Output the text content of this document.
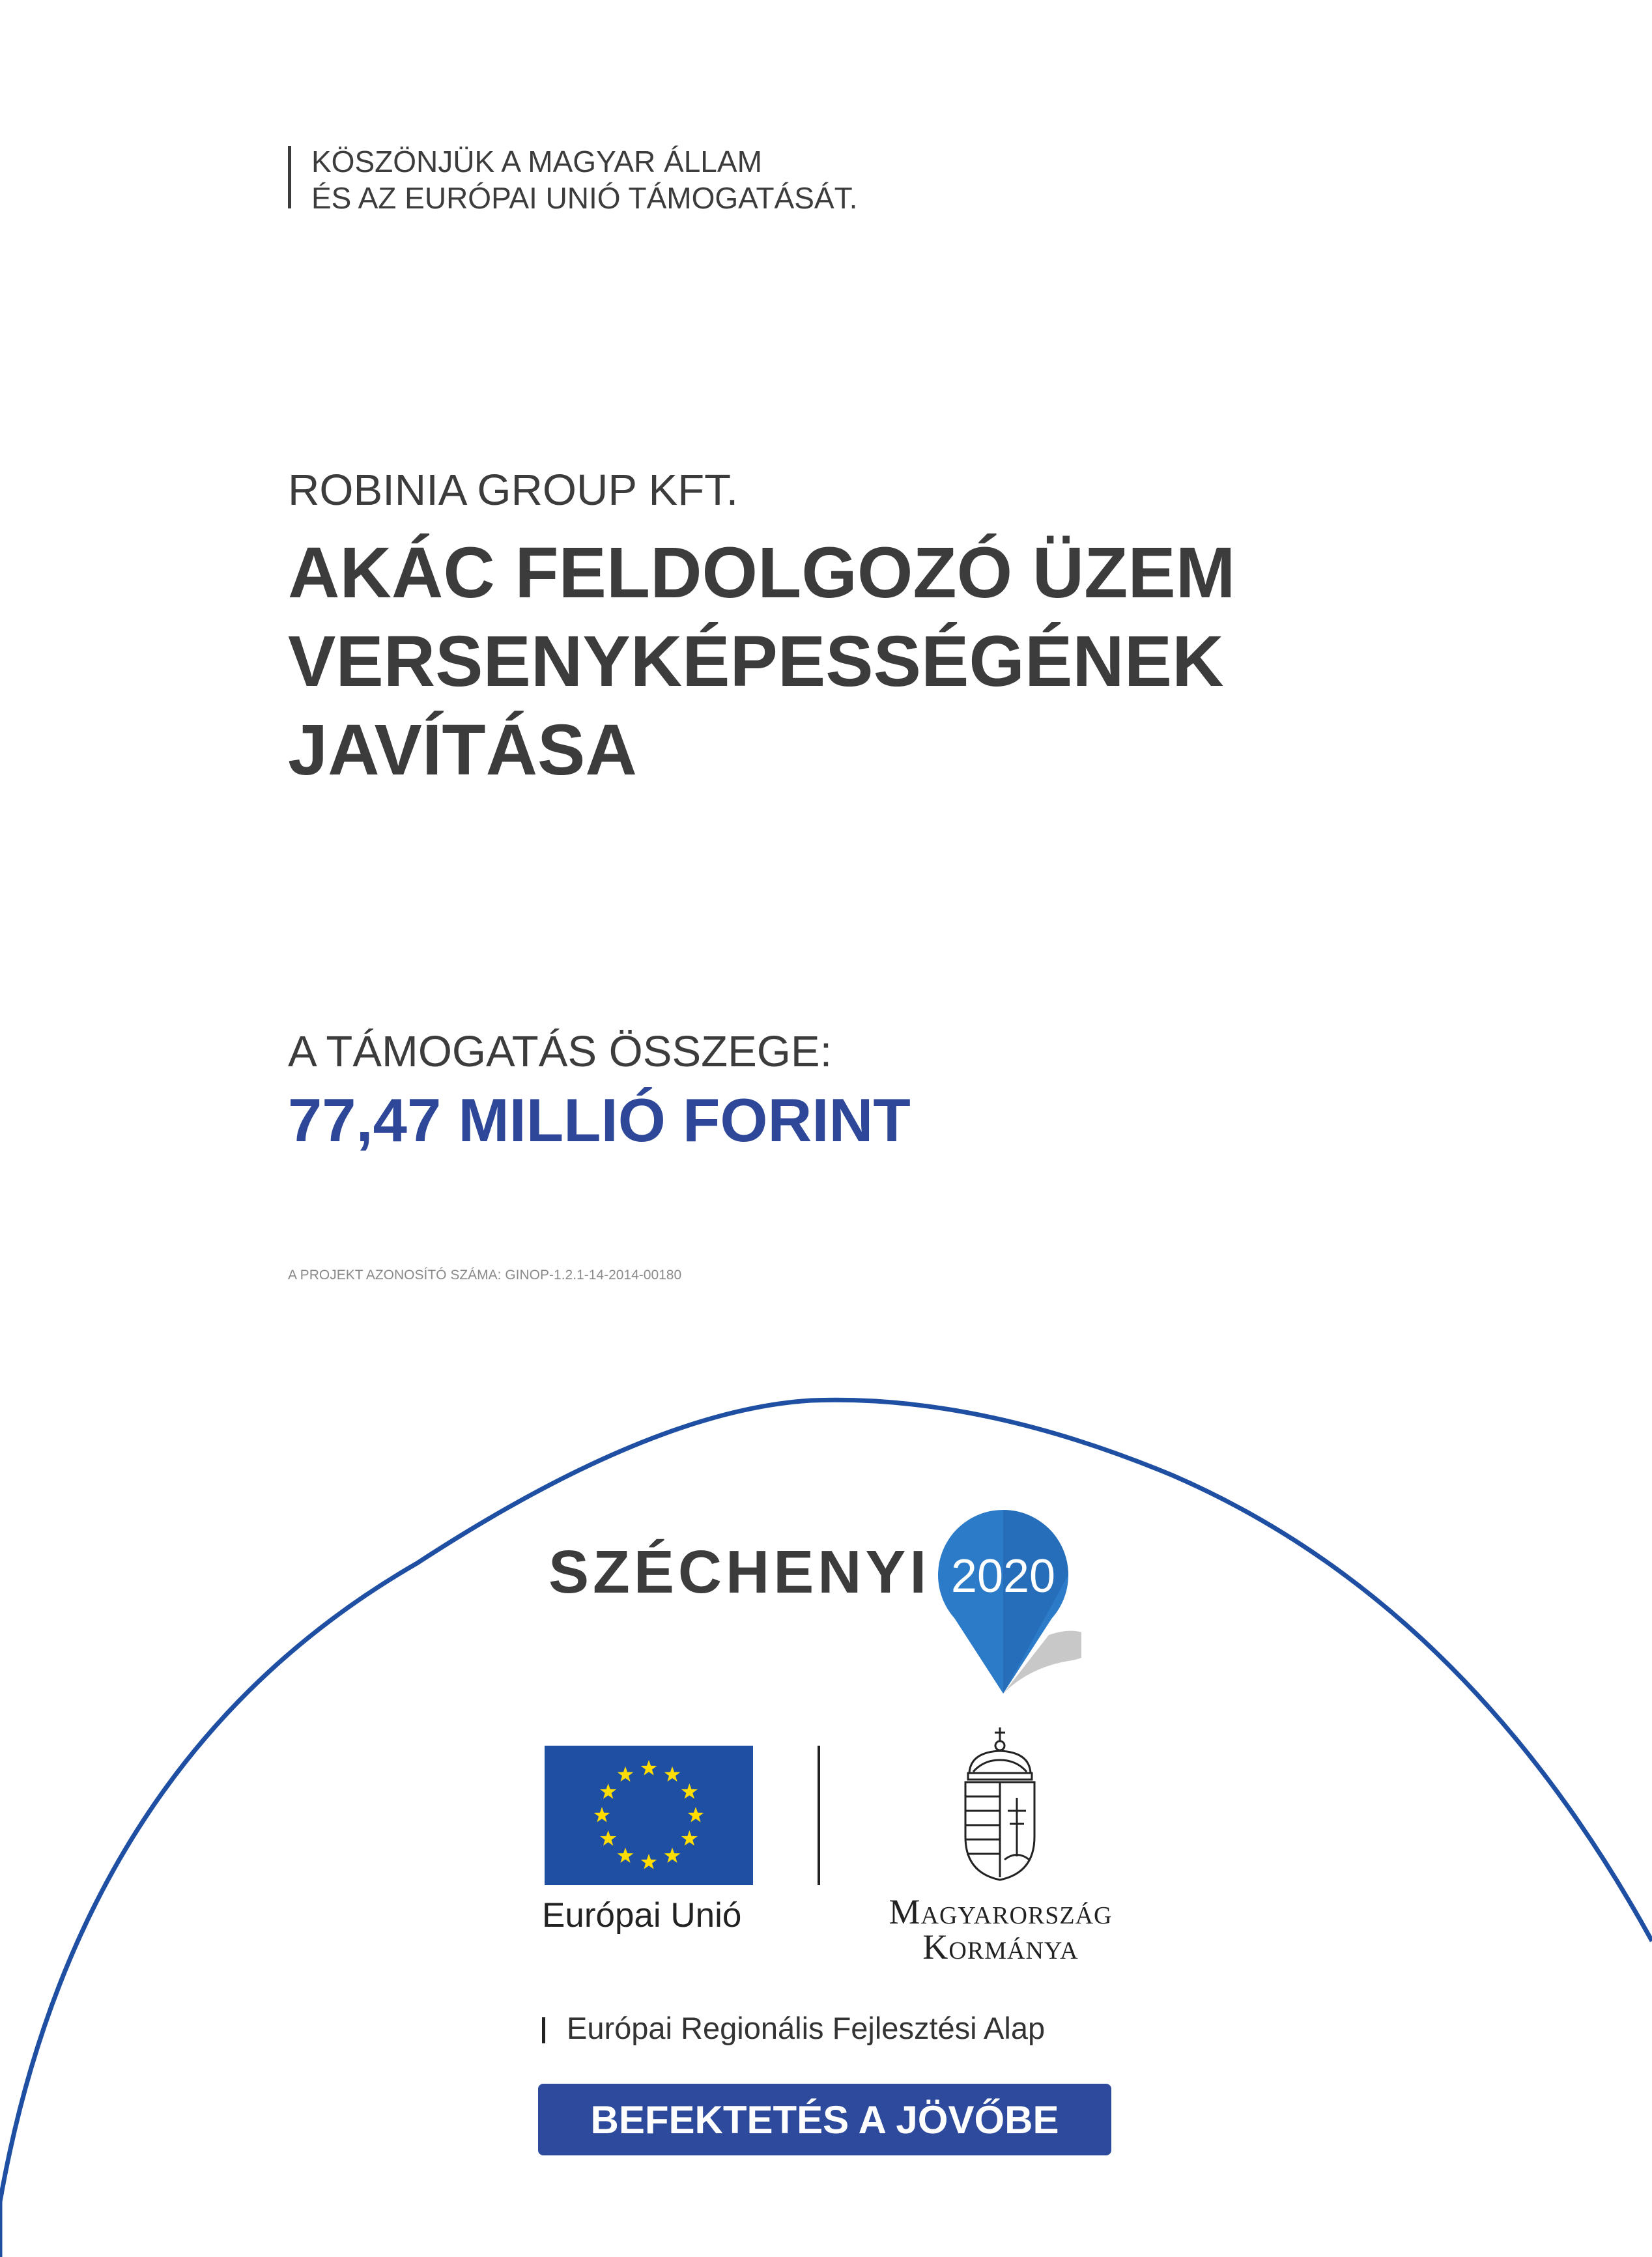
KÖSZÖNJÜK A MAGYAR ÁLLAM
ÉS AZ EURÓPAI UNIÓ TÁMOGATÁSÁT.
ROBINIA GROUP KFT.
AKÁC FELDOLGOZÓ ÜZEM
VERSENYKÉPESSÉGÉNEK
JAVÍTÁSA
A TÁMOGATÁS ÖSSZEGE:
77,47 MILLIÓ FORINT
A PROJEKT AZONOSÍTÓ SZÁMA: GINOP-1.2.1-14-2014-00180
SZÉCHENYI 2020
Európai Unió	Magyarország
Kormánya
Európai Regionális Fejlesztési Alap
BEFEKTETÉS A JÖVŐBE
